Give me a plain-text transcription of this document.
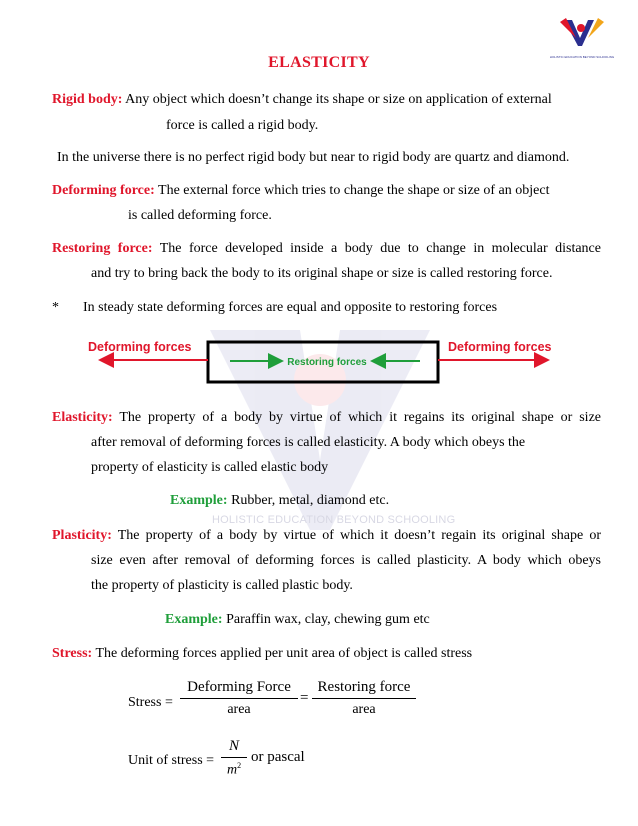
HOLISTIC EDUCATION BEYOND SCHOOLING
HOLISTIC EDUCATION BEYOND SCHOOLING
ELASTICITY
Rigid body: Any object which doesn’t change its shape or size on application of external
force is called a rigid body.
In the universe there is no perfect rigid body but near to rigid body are quartz and diamond.
Deforming force: The external force which tries to change the shape or size of an object
is called deforming force.
Restoring force: The force developed inside a body due to change in molecular distance
and try to bring back the body to its original shape or size is called restoring force.
* In steady state deforming forces are equal and opposite to restoring forces
Deforming forces	Deforming forces
Restoring forces
Elasticity: The property of a body by virtue of which it regains its original shape or size
after removal of deforming forces is called elasticity. A body which obeys the
property of elasticity is called elastic body
Example: Rubber, metal, diamond etc.
Plasticity: The property of a body by virtue of which it doesn’t regain its original shape or
size even after removal of deforming forces is called plasticity. A body which obeys
the property of plasticity is called plastic body.
Example: Paraffin wax, clay, chewing gum etc
Stress: The deforming forces applied per unit area of object is called stress
Stress =
Deforming Force
area
=
Restoring force
area
Unit of stress =
N
$m^2$
or pascal
